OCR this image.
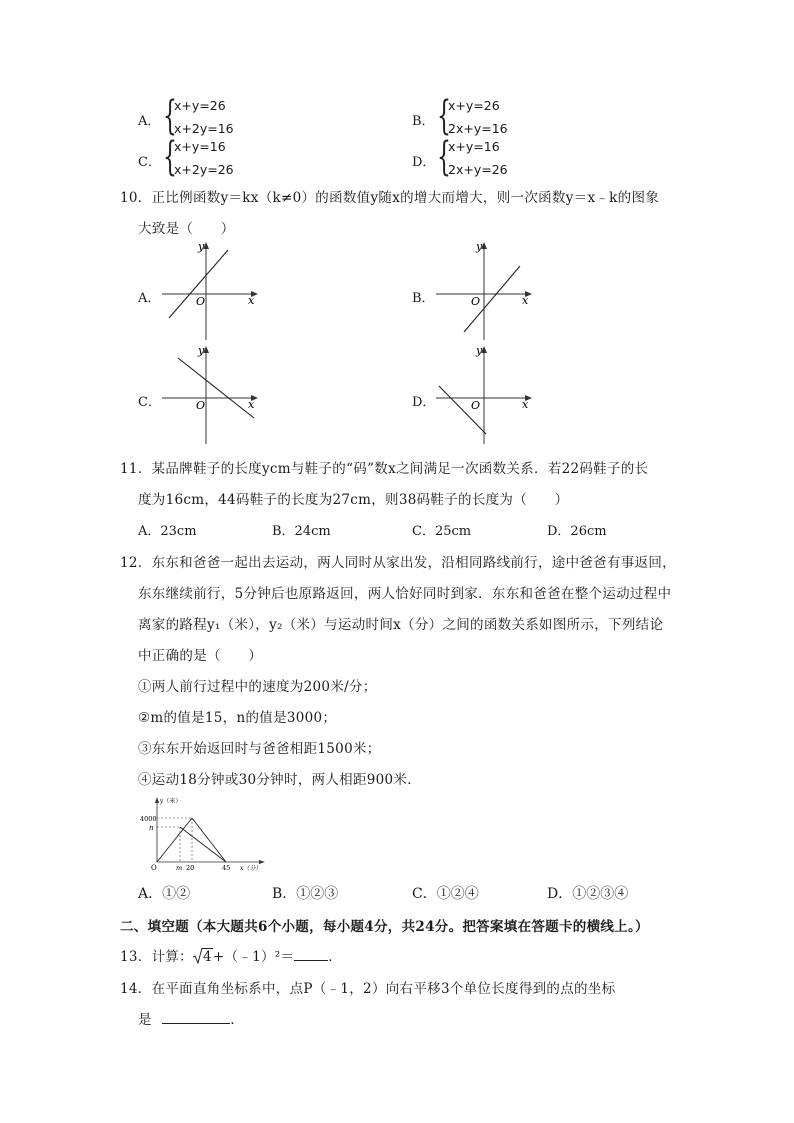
A． {
x+y=26
x+2y=16	B． {
x+y=26
2x+y=16
C． {
x+y=16
x+2y=26	D． {
x+y=16
2x+y=26
10．正比例函数y＝kx（k≠0）的函数值y随x的增大而增大，则一次函数y＝x﹣k的图象
大致是（　　）
A．	B．
C．	D．
y
x
O
y
x
O
y
x
O
y
x
O
11．某品牌鞋子的长度ycm与鞋子的“码”数x之间满足一次函数关系．若22码鞋子的长
度为16cm，44码鞋子的长度为27cm，则38码鞋子的长度为（　　）
A．23cm	B．24cm	C．25cm	D．26cm
12．东东和爸爸一起出去运动，两人同时从家出发，沿相同路线前行，途中爸爸有事返回，
东东继续前行，5分钟后也原路返回，两人恰好同时到家．东东和爸爸在整个运动过程中
离家的路程y₁（米），y₂（米）与运动时间x（分）之间的函数关系如图所示，下列结论
中正确的是（　　）
①两人前行过程中的速度为200米/分；
②m的值是15，n的值是3000；
③东东开始返回时与爸爸相距1500米；
④运动18分钟或30分钟时，两人相距900米．
y（米）
4000
n
O	m 20	45 x（分）
A．①②	B．①②③	C．①②④	D．①②③④
二、填空题（本大题共6个小题，每小题4分，共24分。把答案填在答题卡的横线上。）
13．计算： 4+（﹣1）²＝	．
14．在平面直角坐标系中，点P（﹣1，2）向右平移3个单位长度得到的点的坐标
是	．
